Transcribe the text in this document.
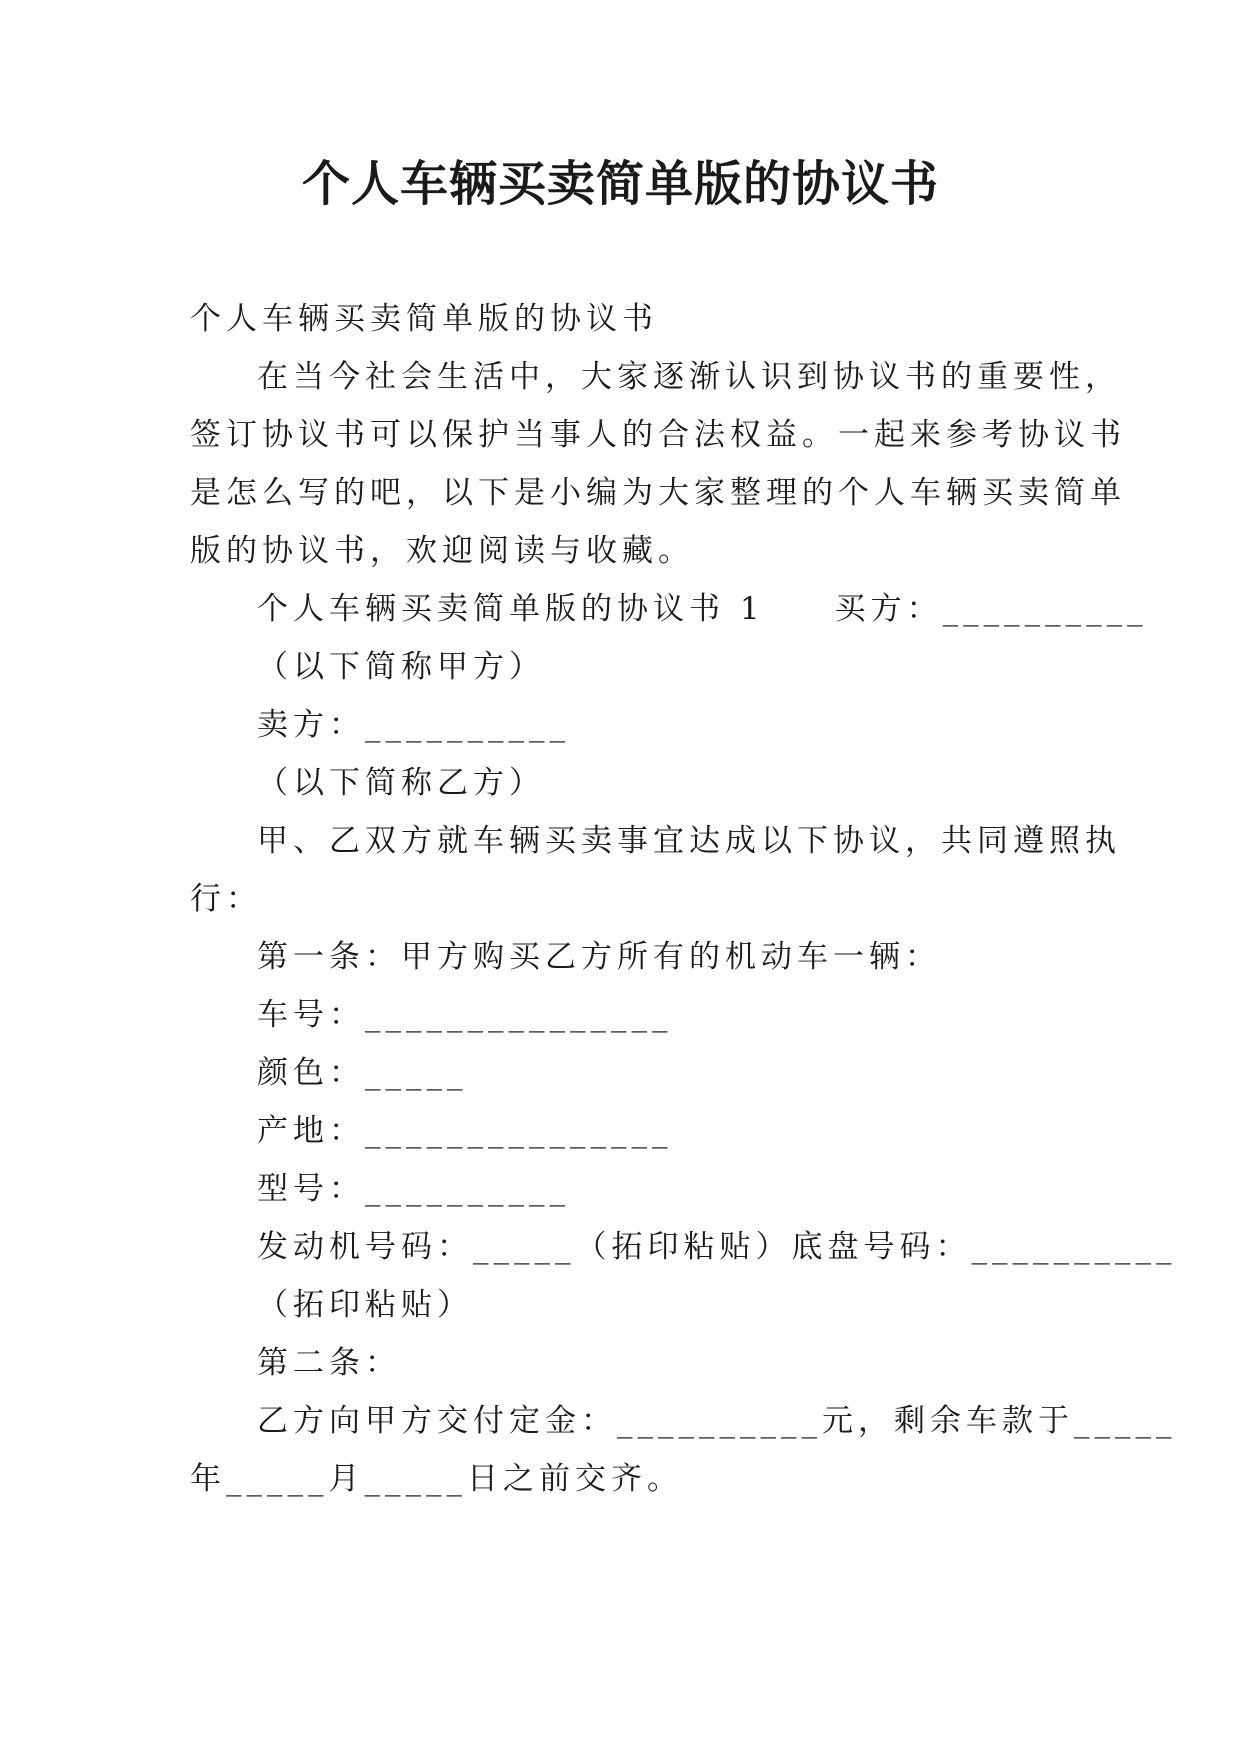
个人车辆买卖简单版的协议书
个人车辆买卖简单版的协议书
在当今社会生活中，大家逐渐认识到协议书的重要性，
签订协议书可以保护当事人的合法权益。一起来参考协议书
是怎么写的吧，以下是小编为大家整理的个人车辆买卖简单
版的协议书，欢迎阅读与收藏。
个人车辆买卖简单版的协议书 1 买方：__________
（以下简称甲方）
卖方：__________
（以下简称乙方）
甲、乙双方就车辆买卖事宜达成以下协议，共同遵照执
行：
第一条：甲方购买乙方所有的机动车一辆：
车号：_______________
颜色：_____
产地：_______________
型号：__________
发动机号码：_____（拓印粘贴）底盘号码：__________
（拓印粘贴）
第二条：
乙方向甲方交付定金：__________元，剩余车款于_____
年_____月_____日之前交齐。
